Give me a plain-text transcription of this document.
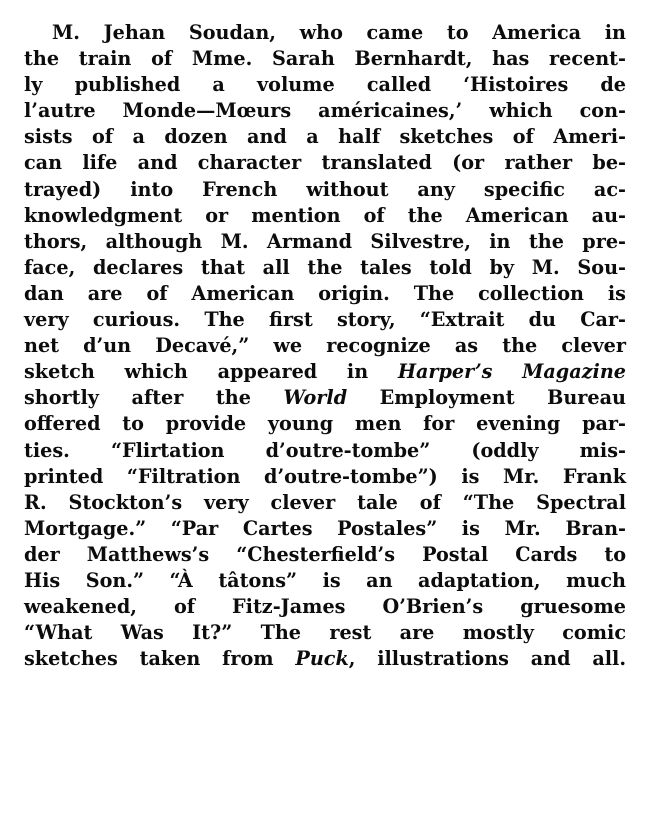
M. Jehan Soudan, who came to America in
the train of Mme. Sarah Bernhardt, has recent-
ly published a volume called ‘Histoires de
l’autre Monde—Mœurs américaines,’ which con-
sists of a dozen and a half sketches of Ameri-
can life and character translated (or rather be-
trayed) into French without any specific ac-
knowledgment or mention of the American au-
thors, although M. Armand Silvestre, in the pre-
face, declares that all the tales told by M. Sou-
dan are of American origin. The collection is
very curious. The first story, “Extrait du Car-
net d’un Decavé,” we recognize as the clever
sketch which appeared in Harper’s Magazine
shortly after the World Employment Bureau
offered to provide young men for evening par-
ties. “Flirtation d’outre-tombe” (oddly mis-
printed “Filtration d’outre-tombe”) is Mr. Frank
R. Stockton’s very clever tale of “The Spectral
Mortgage.” “Par Cartes Postales” is Mr. Bran-
der Matthews’s “Chesterfield’s Postal Cards to
His Son.” “À tâtons” is an adaptation, much
weakened, of Fitz-James O’Brien’s gruesome
“What Was It?” The rest are mostly comic
sketches taken from Puck, illustrations and all.
